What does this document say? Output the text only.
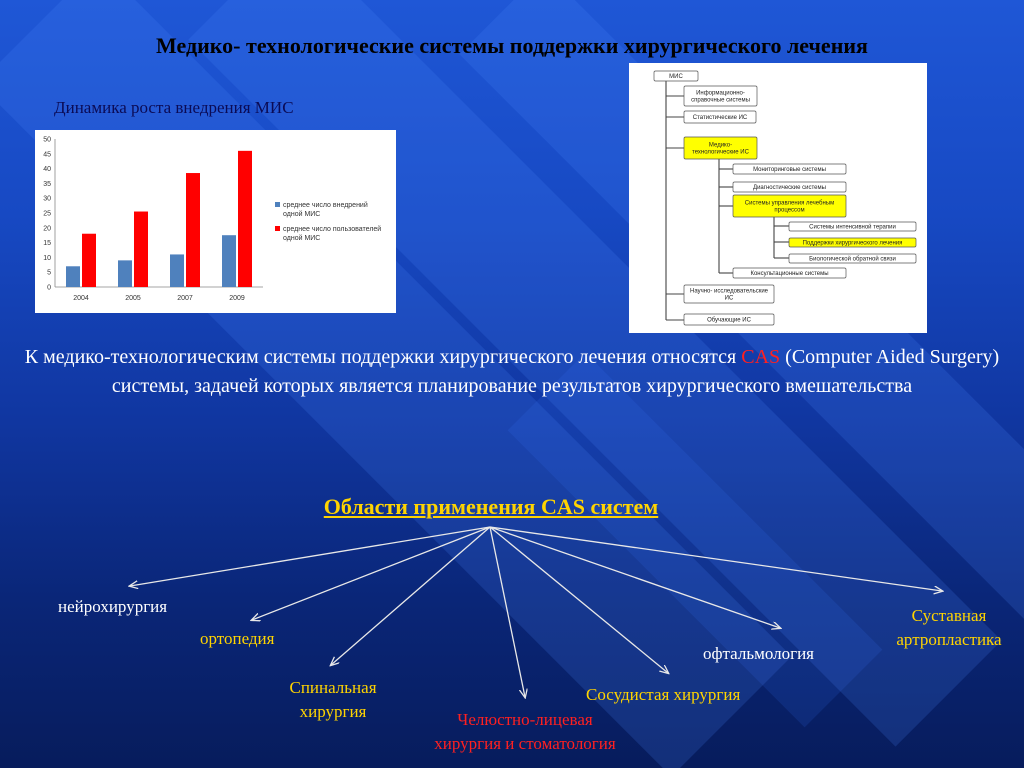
Медико- технологические системы поддержки хирургического лечения
Динамика роста внедрения МИС
0
5
10
15
20
25
30
35
40
45
50
2004	2005	2007	2009
среднее число внедрений одной МИС
среднее число пользователей одной МИС
МИС
Информационно-справочные системы
Статистические ИС
Медико-технологические ИС
Мониторинговые системы
Диагностические системы
Системы управления лечебным процессом
Системы интенсивной терапии
Поддержки хирургического лечения
Биологической обратной связи
Консультационные системы
Научно- исследовательские ИС
Обучающие ИС
К медико-технологическим системы поддержки хирургического лечения относятся CAS (Computer Aided Surgery) системы, задачей которых является планирование результатов хирургического вмешательства
Области применения CAS систем
нейрохирургия
ортопедия
Спинальная
хирургия	Челюстно-лицевая
хирургия и стоматология
Сосудистая хирургия
офтальмология
Суставная
артропластика
